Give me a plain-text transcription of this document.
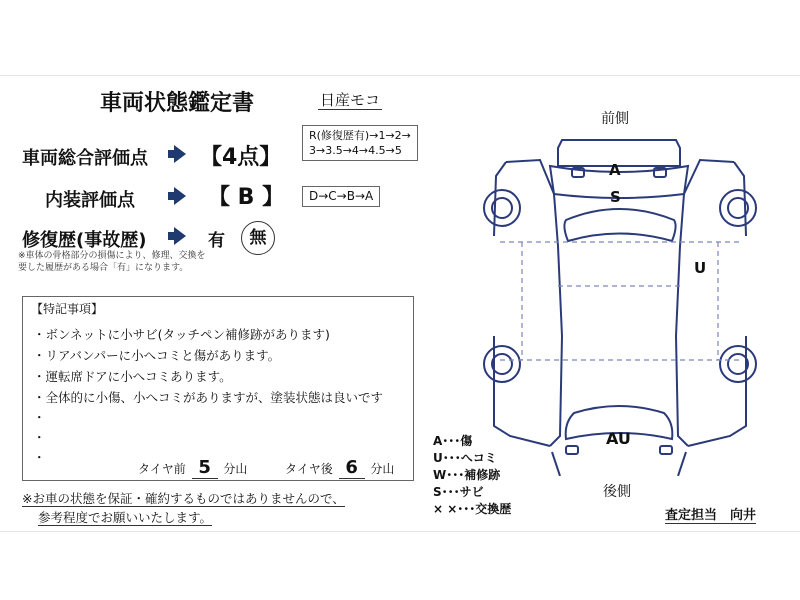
車両状態鑑定書	日産モコ
車両総合評価点 【4点】
R(修復歴有)→1→2→
3→3.5→4→4.5→5
内装評価点	【 B 】	D→C→B→A
修復歴(事故歴)	有	無
※車体の骨格部分の損傷により、修理、交換を要した履歴がある場合「有」になります。
【特記事項】
・ボンネットに小サビ(タッチペン補修跡があります)
・リアバンパーに小へコミと傷があります。
・運転席ドアに小へコミあります。
・全体的に小傷、小へコミがありますが、塗装状態は良いです
・
・
・
タイヤ前 5 分山	タイヤ後 6 分山
※お車の状態を保証・確約するものではありませんので、
参考程度でお願いいたします。
前側
後側
A
S
U
AU
A･･･傷
U･･･へコミ
W･･･補修跡
S･･･サビ
× ×･･･交換歴	査定担当　向井
